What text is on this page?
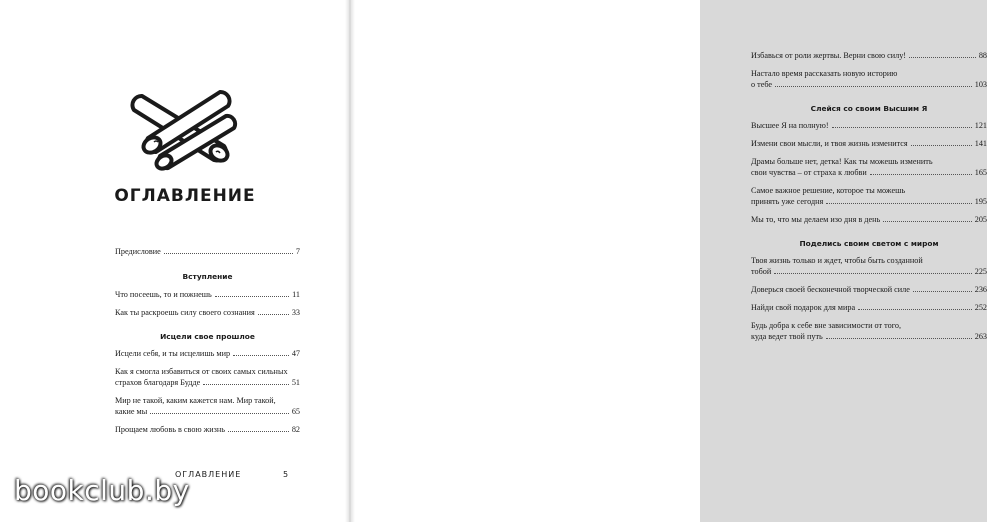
ОГЛАВЛЕНИЕ
Предисловие	7
Вступление
Что посеешь, то и пожнешь	11
Как ты раскроешь силу своего сознания	33
Исцели свое прошлое
Исцели себя, и ты исцелишь мир	47
Как я смогла избавиться от своих самых сильных
страхов благодаря Будде	51
Мир не такой, каким кажется нам. Мир такой,
какие мы	65
Прощаем любовь в свою жизнь	82
ОГЛАВЛЕНИЕ	5
Избавься от роли жертвы. Верни свою силу!	88
Настало время рассказать новую историю
о тебе	103
Слейся со своим Высшим Я
Высшее Я на полную!	121
Измени свои мысли, и твоя жизнь изменится	141
Драмы больше нет, детка! Как ты можешь изменить
свои чувства – от страха к любви	165
Самое важное решение, которое ты можешь
принять уже сегодня	195
Мы то, что мы делаем изо дня в день	205
Поделись своим светом с миром
Твоя жизнь только и ждет, чтобы быть созданной
тобой	225
Доверься своей бесконечной творческой силе	236
Найди свой подарок для мира	252
Будь добра к себе вне зависимости от того,
куда ведет твой путь	263
bookclub.by
